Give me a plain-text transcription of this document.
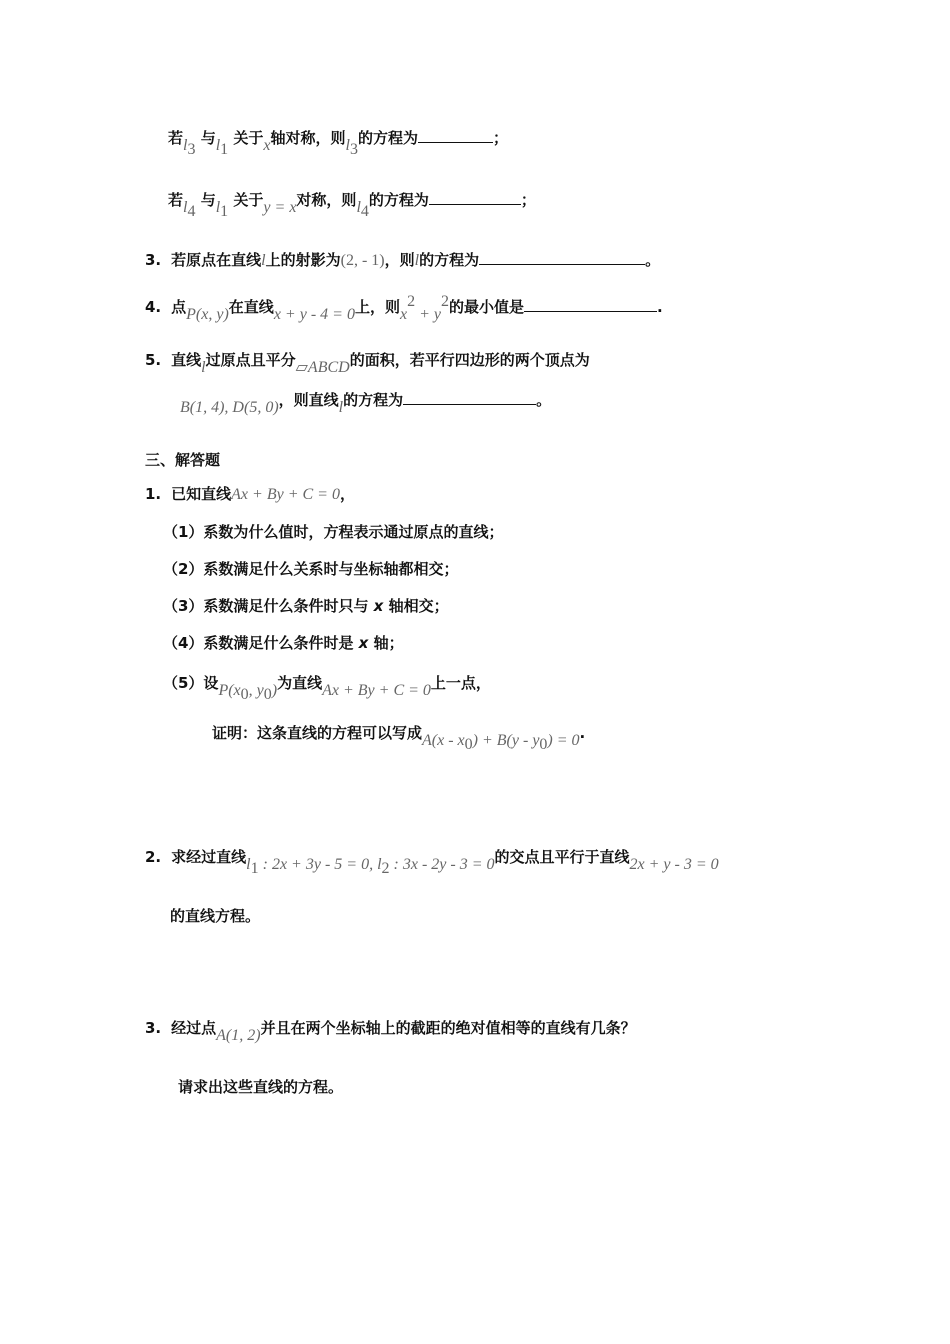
若$l_3$ 与$l_1$ 关于x轴对称，则$l_3$的方程为	；
若$l_4$ 与$l_1$ 关于y = x对称，则$l_4$的方程为	；
3. 若原点在直线l上的射影为(2, - 1)，则l的方程为	。
4. 点P(x, y)在直线x + y - 4 = 0上，则$x^2 + y^2$的最小值是	.
5. 直线l过原点且平分▱ABCD的面积，若平行四边形的两个顶点为
B(1, 4), D(5, 0)，则直线l的方程为	。
三、解答题
1. 已知直线Ax + By + C = 0，
（1）系数为什么值时，方程表示通过原点的直线；
（2）系数满足什么关系时与坐标轴都相交；
（3）系数满足什么条件时只与 x 轴相交；
（4）系数满足什么条件时是 x 轴；
（5）设$P(x_0$, $y_0$)为直线Ax + By + C = 0上一点，
证明：这条直线的方程可以写成$A(x - x_0) + B(y - y_0) = 0$.
2. 求经过直线$l_1$ : 2x + 3y - 5 = 0, $l_2$ : 3x - 2y - 3 = 0的交点且平行于直线2x + y - 3 = 0
的直线方程。
3. 经过点A(1, 2)并且在两个坐标轴上的截距的绝对值相等的直线有几条？
请求出这些直线的方程。
